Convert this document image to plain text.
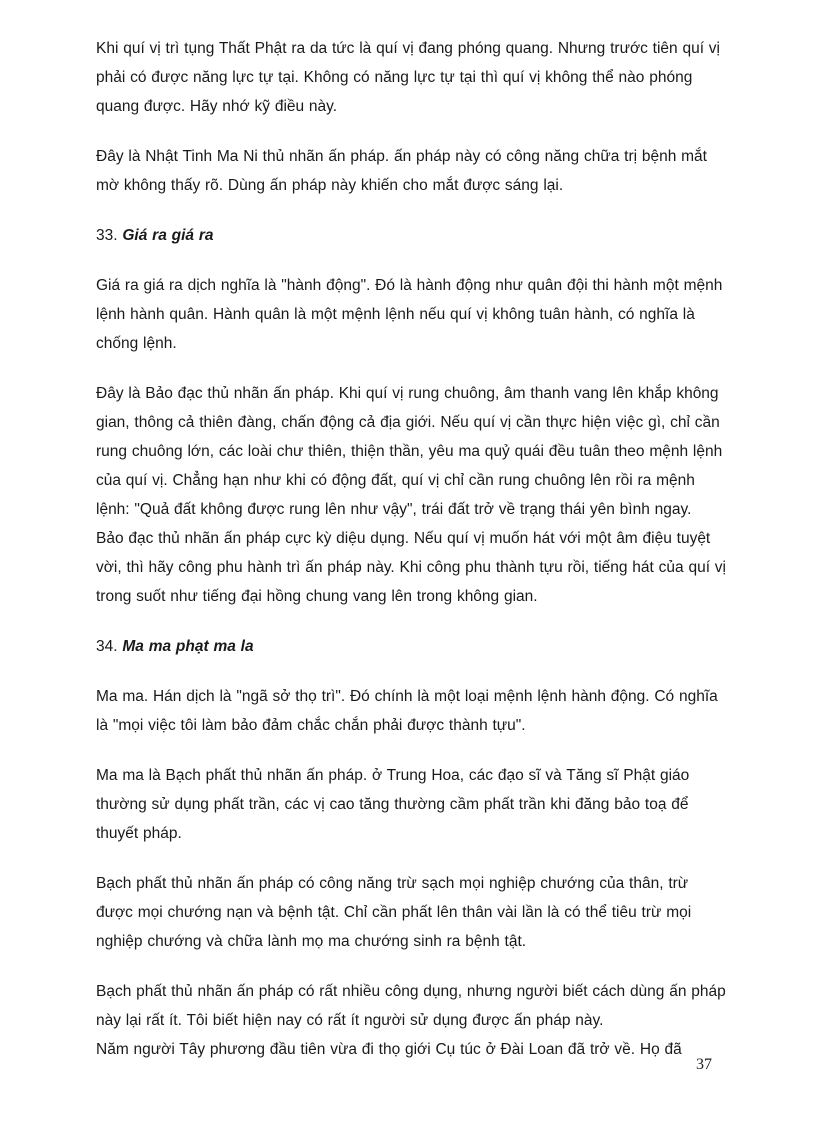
Khi quí vị trì tụng Thất Phật ra da tức là quí vị đang phóng quang. Nhưng trước tiên quí vị phải có được năng lực tự tại. Không có năng lực tự tại thì quí vị không thể nào phóng quang được. Hãy nhớ kỹ điều này.

Đây là Nhật Tinh Ma Ni thủ nhãn ấn pháp. ấn pháp này có công năng chữa trị bệnh mắt mờ không thấy rõ. Dùng ấn pháp này khiến cho mắt được sáng lại.

33. Giá ra giá ra

Giá ra giá ra dịch nghĩa là "hành động". Đó là hành động như quân đội thi hành một mệnh lệnh hành quân. Hành quân là một mệnh lệnh nếu quí vị không tuân hành, có nghĩa là chống lệnh.

Đây là Bảo đạc thủ nhãn ấn pháp. Khi quí vị rung chuông, âm thanh vang lên khắp không gian, thông cả thiên đàng, chấn động cả địa giới. Nếu quí vị cần thực hiện việc gì, chỉ cần rung chuông lớn, các loài chư thiên, thiện thần, yêu ma quỷ quái đều tuân theo mệnh lệnh của quí vị. Chẳng hạn như khi có động đất, quí vị chỉ cần rung chuông lên rồi ra mệnh lệnh: "Quả đất không được rung lên như vậy", trái đất trở về trạng thái yên bình ngay.

Bảo đạc thủ nhãn ấn pháp cực kỳ diệu dụng. Nếu quí vị muốn hát với một âm điệu tuyệt vời, thì hãy công phu hành trì ấn pháp này. Khi công phu thành tựu rồi, tiếng hát của quí vị trong suốt như tiếng đại hồng chung vang lên trong không gian.

34. Ma ma phạt ma la

Ma ma. Hán dịch là "ngã sở thọ trì". Đó chính là một loại mệnh lệnh hành động. Có nghĩa là "mọi việc tôi làm bảo đảm chắc chắn phải được thành tựu".

Ma ma là Bạch phất thủ nhãn ấn pháp. ở Trung Hoa, các đạo sĩ và Tăng sĩ Phật giáo thường sử dụng phất trần, các vị cao tăng thường cầm phất trần khi đăng bảo toạ để thuyết pháp.

Bạch phất thủ nhãn ấn pháp có công năng trừ sạch mọi nghiệp chướng của thân, trừ được mọi chướng nạn và bệnh tật. Chỉ cần phất lên thân vài lần là có thể tiêu trừ mọi nghiệp chướng và chữa lành mọ ma chướng sinh ra bệnh tật.

Bạch phất thủ nhãn ấn pháp có rất nhiều công dụng, nhưng người biết cách dùng ấn pháp này lại rất ít. Tôi biết hiện nay có rất ít người sử dụng được ấn pháp này.

Năm người Tây phương đầu tiên vừa đi thọ giới Cụ túc ở Đài Loan đã trở về. Họ đã

37
